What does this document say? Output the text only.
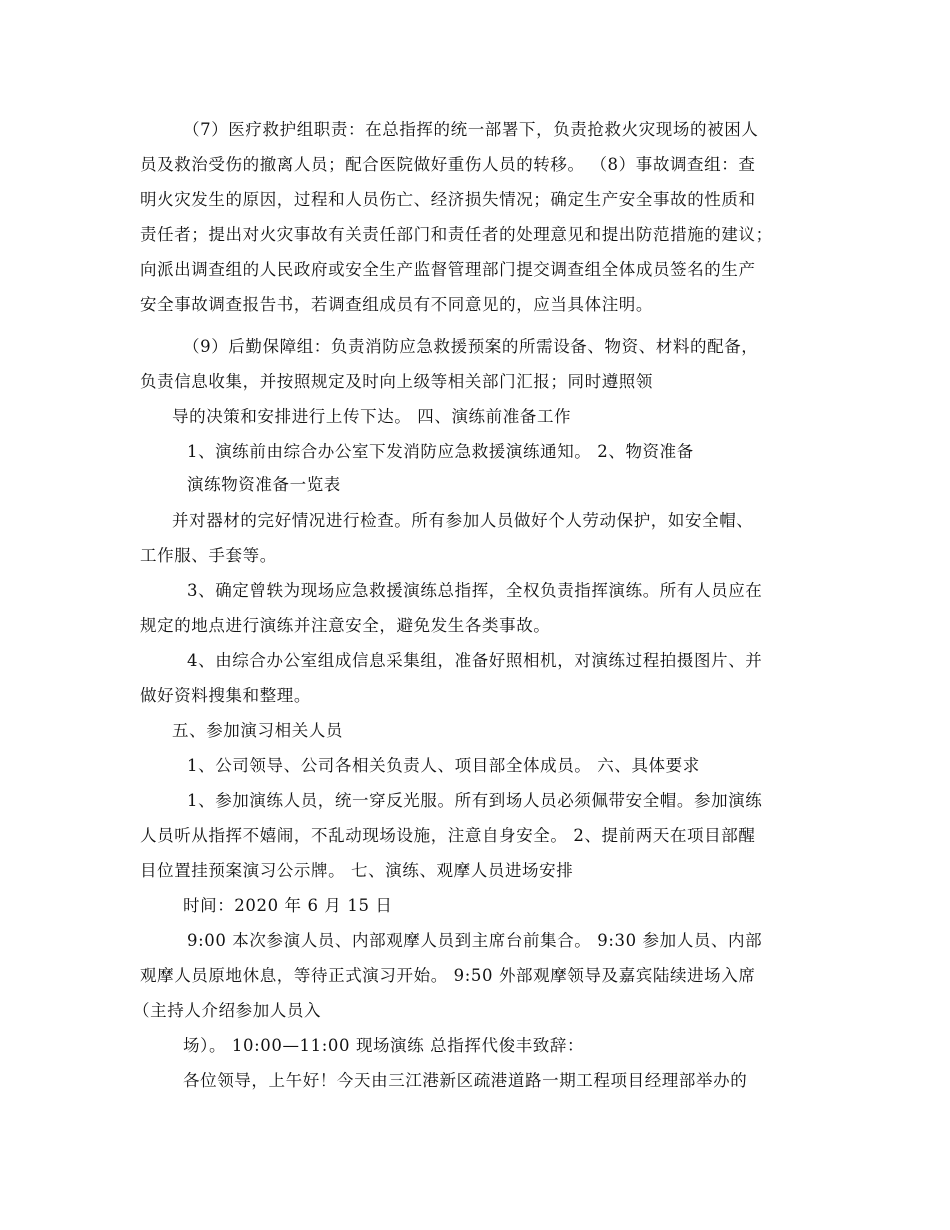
（7）医疗救护组职责：在总指挥的统一部署下，负责抢救火灾现场的被困人
员及救治受伤的撤离人员；配合医院做好重伤人员的转移。 （8）事故调查组：查
明火灾发生的原因，过程和人员伤亡、经济损失情况；确定生产安全事故的性质和
责任者；提出对火灾事故有关责任部门和责任者的处理意见和提出防范措施的建议；
向派出调查组的人民政府或安全生产监督管理部门提交调查组全体成员签名的生产
安全事故调查报告书，若调查组成员有不同意见的，应当具体注明。
（9）后勤保障组：负责消防应急救援预案的所需设备、物资、材料的配备，
负责信息收集，并按照规定及时向上级等相关部门汇报；同时遵照领
导的决策和安排进行上传下达。 四、演练前准备工作
1、演练前由综合办公室下发消防应急救援演练通知。 2、物资准备
演练物资准备一览表
并对器材的完好情况进行检查。所有参加人员做好个人劳动保护，如安全帽、
工作服、手套等。
3、确定曾轶为现场应急救援演练总指挥，全权负责指挥演练。所有人员应在
规定的地点进行演练并注意安全，避免发生各类事故。
4、由综合办公室组成信息采集组，准备好照相机，对演练过程拍摄图片、并
做好资料搜集和整理。
五、参加演习相关人员
1、公司领导、公司各相关负责人、项目部全体成员。 六、具体要求
1、参加演练人员，统一穿反光服。所有到场人员必须佩带安全帽。参加演练
人员听从指挥不嬉闹，不乱动现场设施，注意自身安全。 2、提前两天在项目部醒
目位置挂预案演习公示牌。 七、演练、观摩人员进场安排
时间：2020 年 6 月 15 日
9:00 本次参演人员、内部观摩人员到主席台前集合。 9:30 参加人员、内部
观摩人员原地休息，等待正式演习开始。 9:50 外部观摩领导及嘉宾陆续进场入席
（主持人介绍参加人员入
场）。 10:00—11:00 现场演练 总指挥代俊丰致辞：
各位领导，上午好！今天由三江港新区疏港道路一期工程项目经理部举办的
